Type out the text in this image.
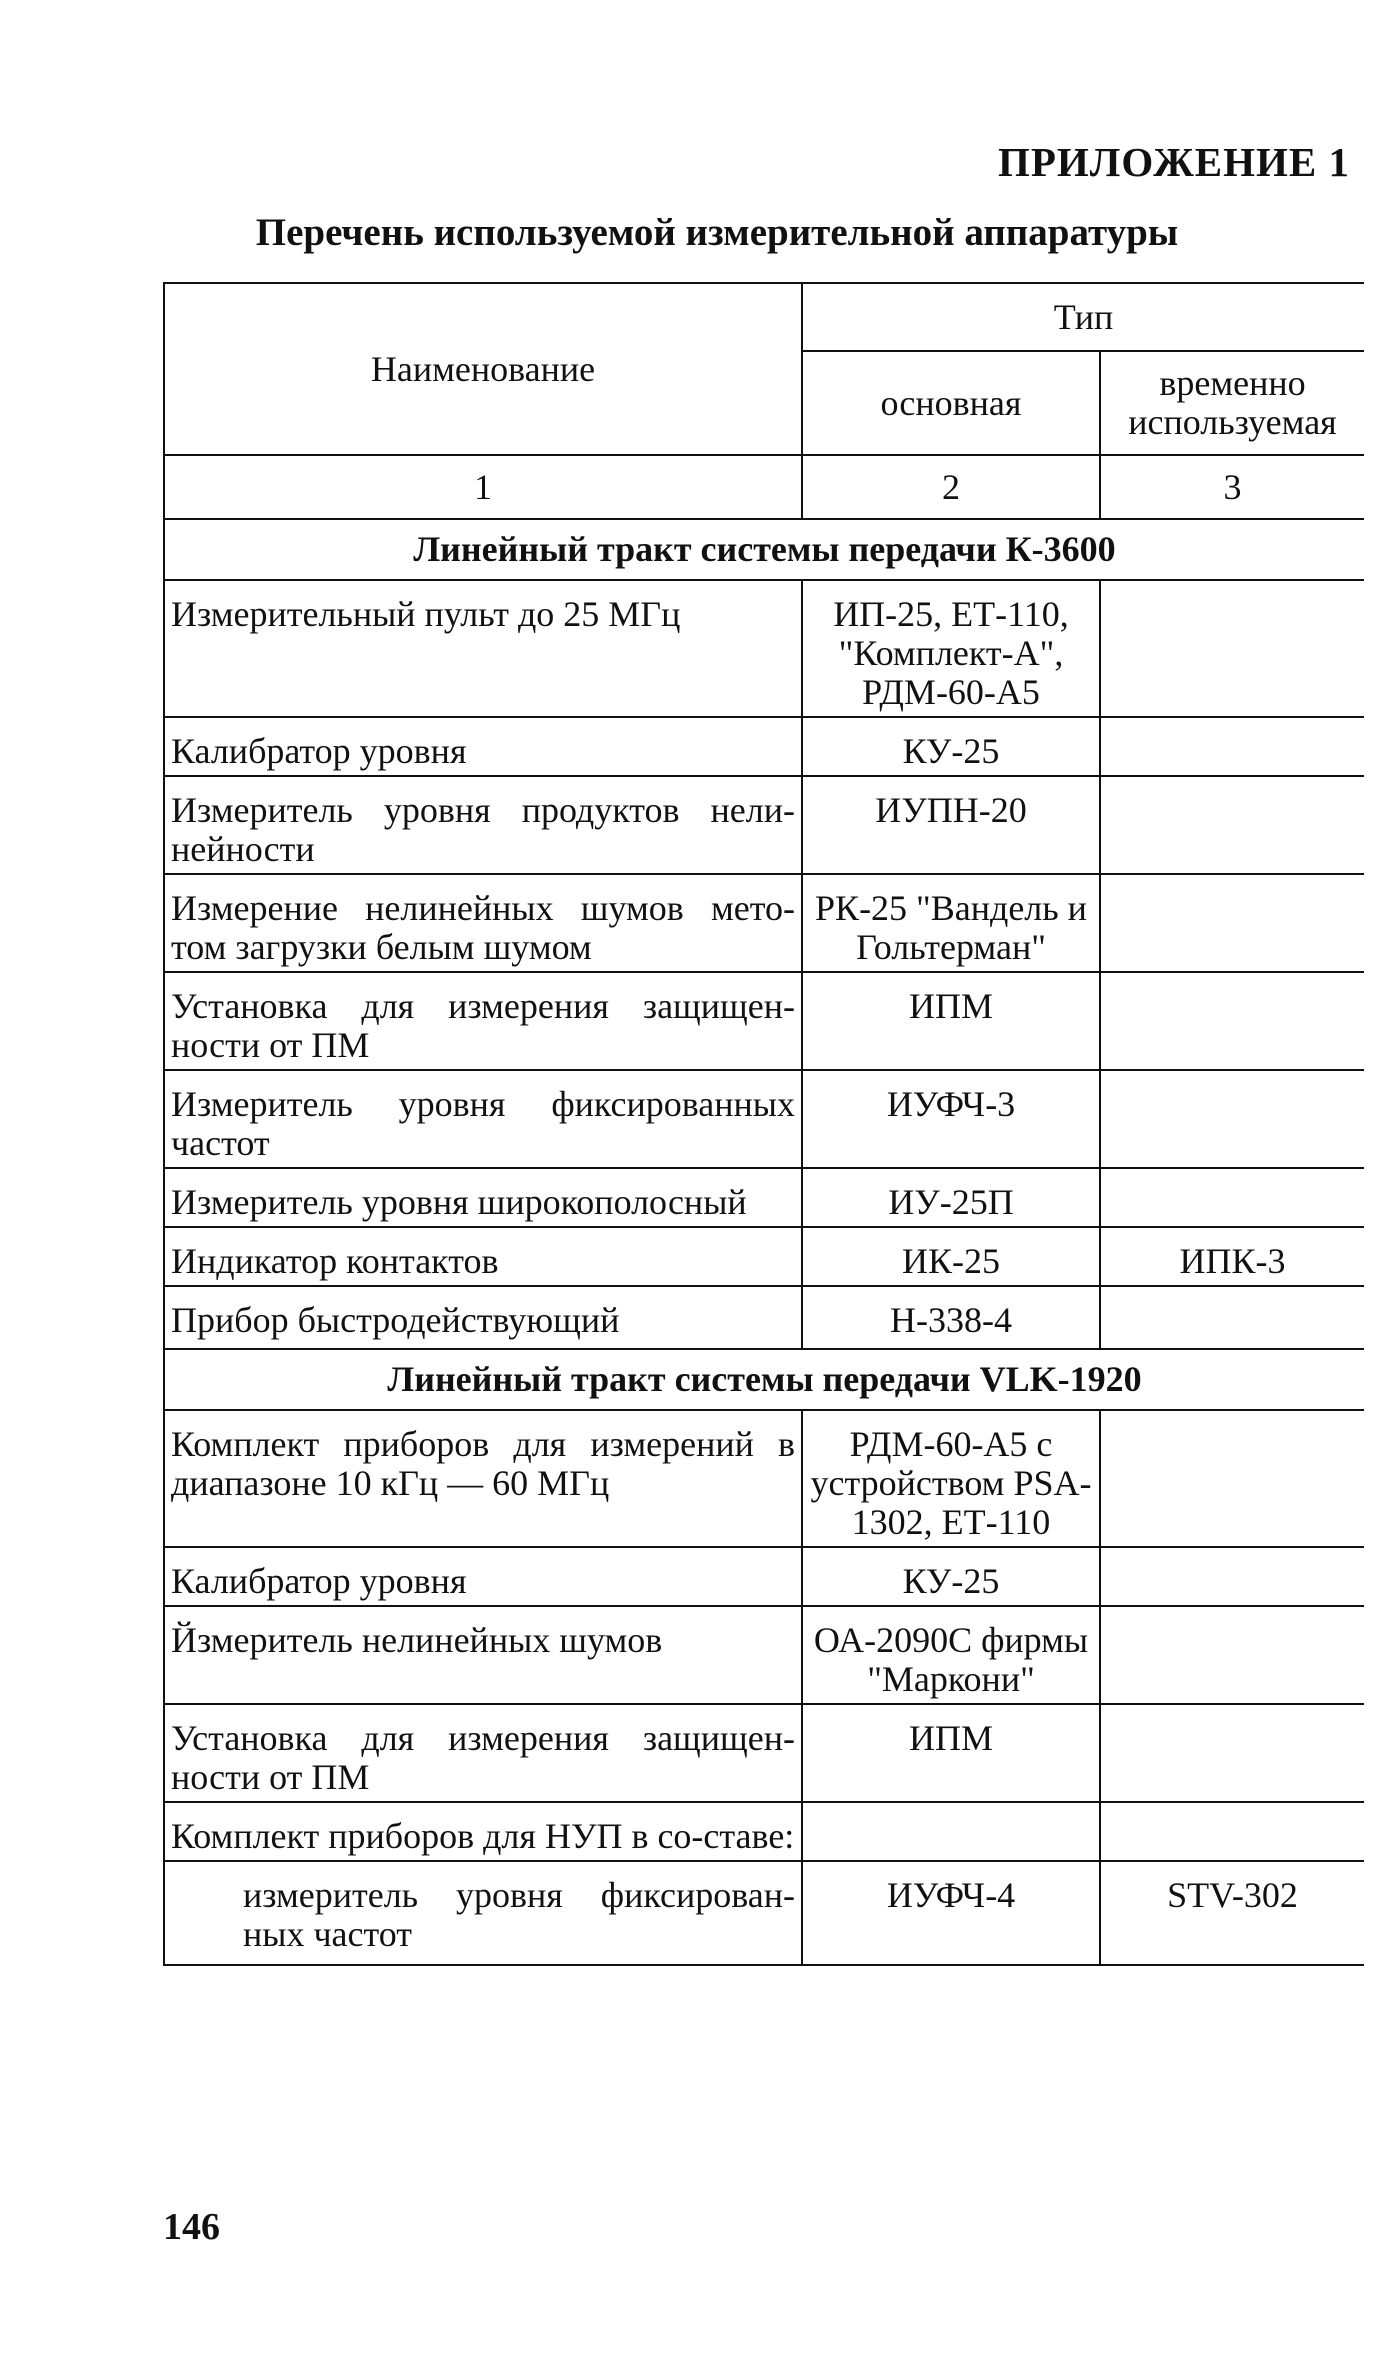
ПРИЛОЖЕНИЕ 1
Перечень используемой измерительной аппаратуры
Наименование	Тип	
	основная	временно используемая
1	2	3
Линейный тракт системы передачи К-3600		
Измерительный пульт до 25 МГц	ИП-25, ЕТ-110, "Комплект-А", РДМ-60-А5	
Калибратор уровня	КУ-25	
Измеритель уровня продуктов нели-нейности	ИУПН-20	
Измерение нелинейных шумов мето-том загрузки белым шумом	РК-25 "Вандель и Гольтерман"	
Установка для измерения защищен-ности от ПМ	ИПМ	
Измеритель уровня фиксированных частот	ИУФЧ-3	
Измеритель уровня широкополосный	ИУ-25П	
Индикатор контактов	ИК-25	ИПК-3
Прибор быстродействующий	Н-338-4	
Линейный тракт системы передачи VLK-1920		
Комплект приборов для измерений в диапазоне 10 кГц — 60 МГц	РДМ-60-А5 с устройством PSA-1302, ЕТ-110	
Калибратор уровня	КУ-25	
Йзмеритель нелинейных шумов	ОА-2090С фирмы "Маркони"	
Установка для измерения защищен-ности от ПМ	ИПМ	
Комплект приборов для НУП в со-ставе:		
измеритель уровня фиксирован-ных частот	ИУФЧ-4	STV-302
146
